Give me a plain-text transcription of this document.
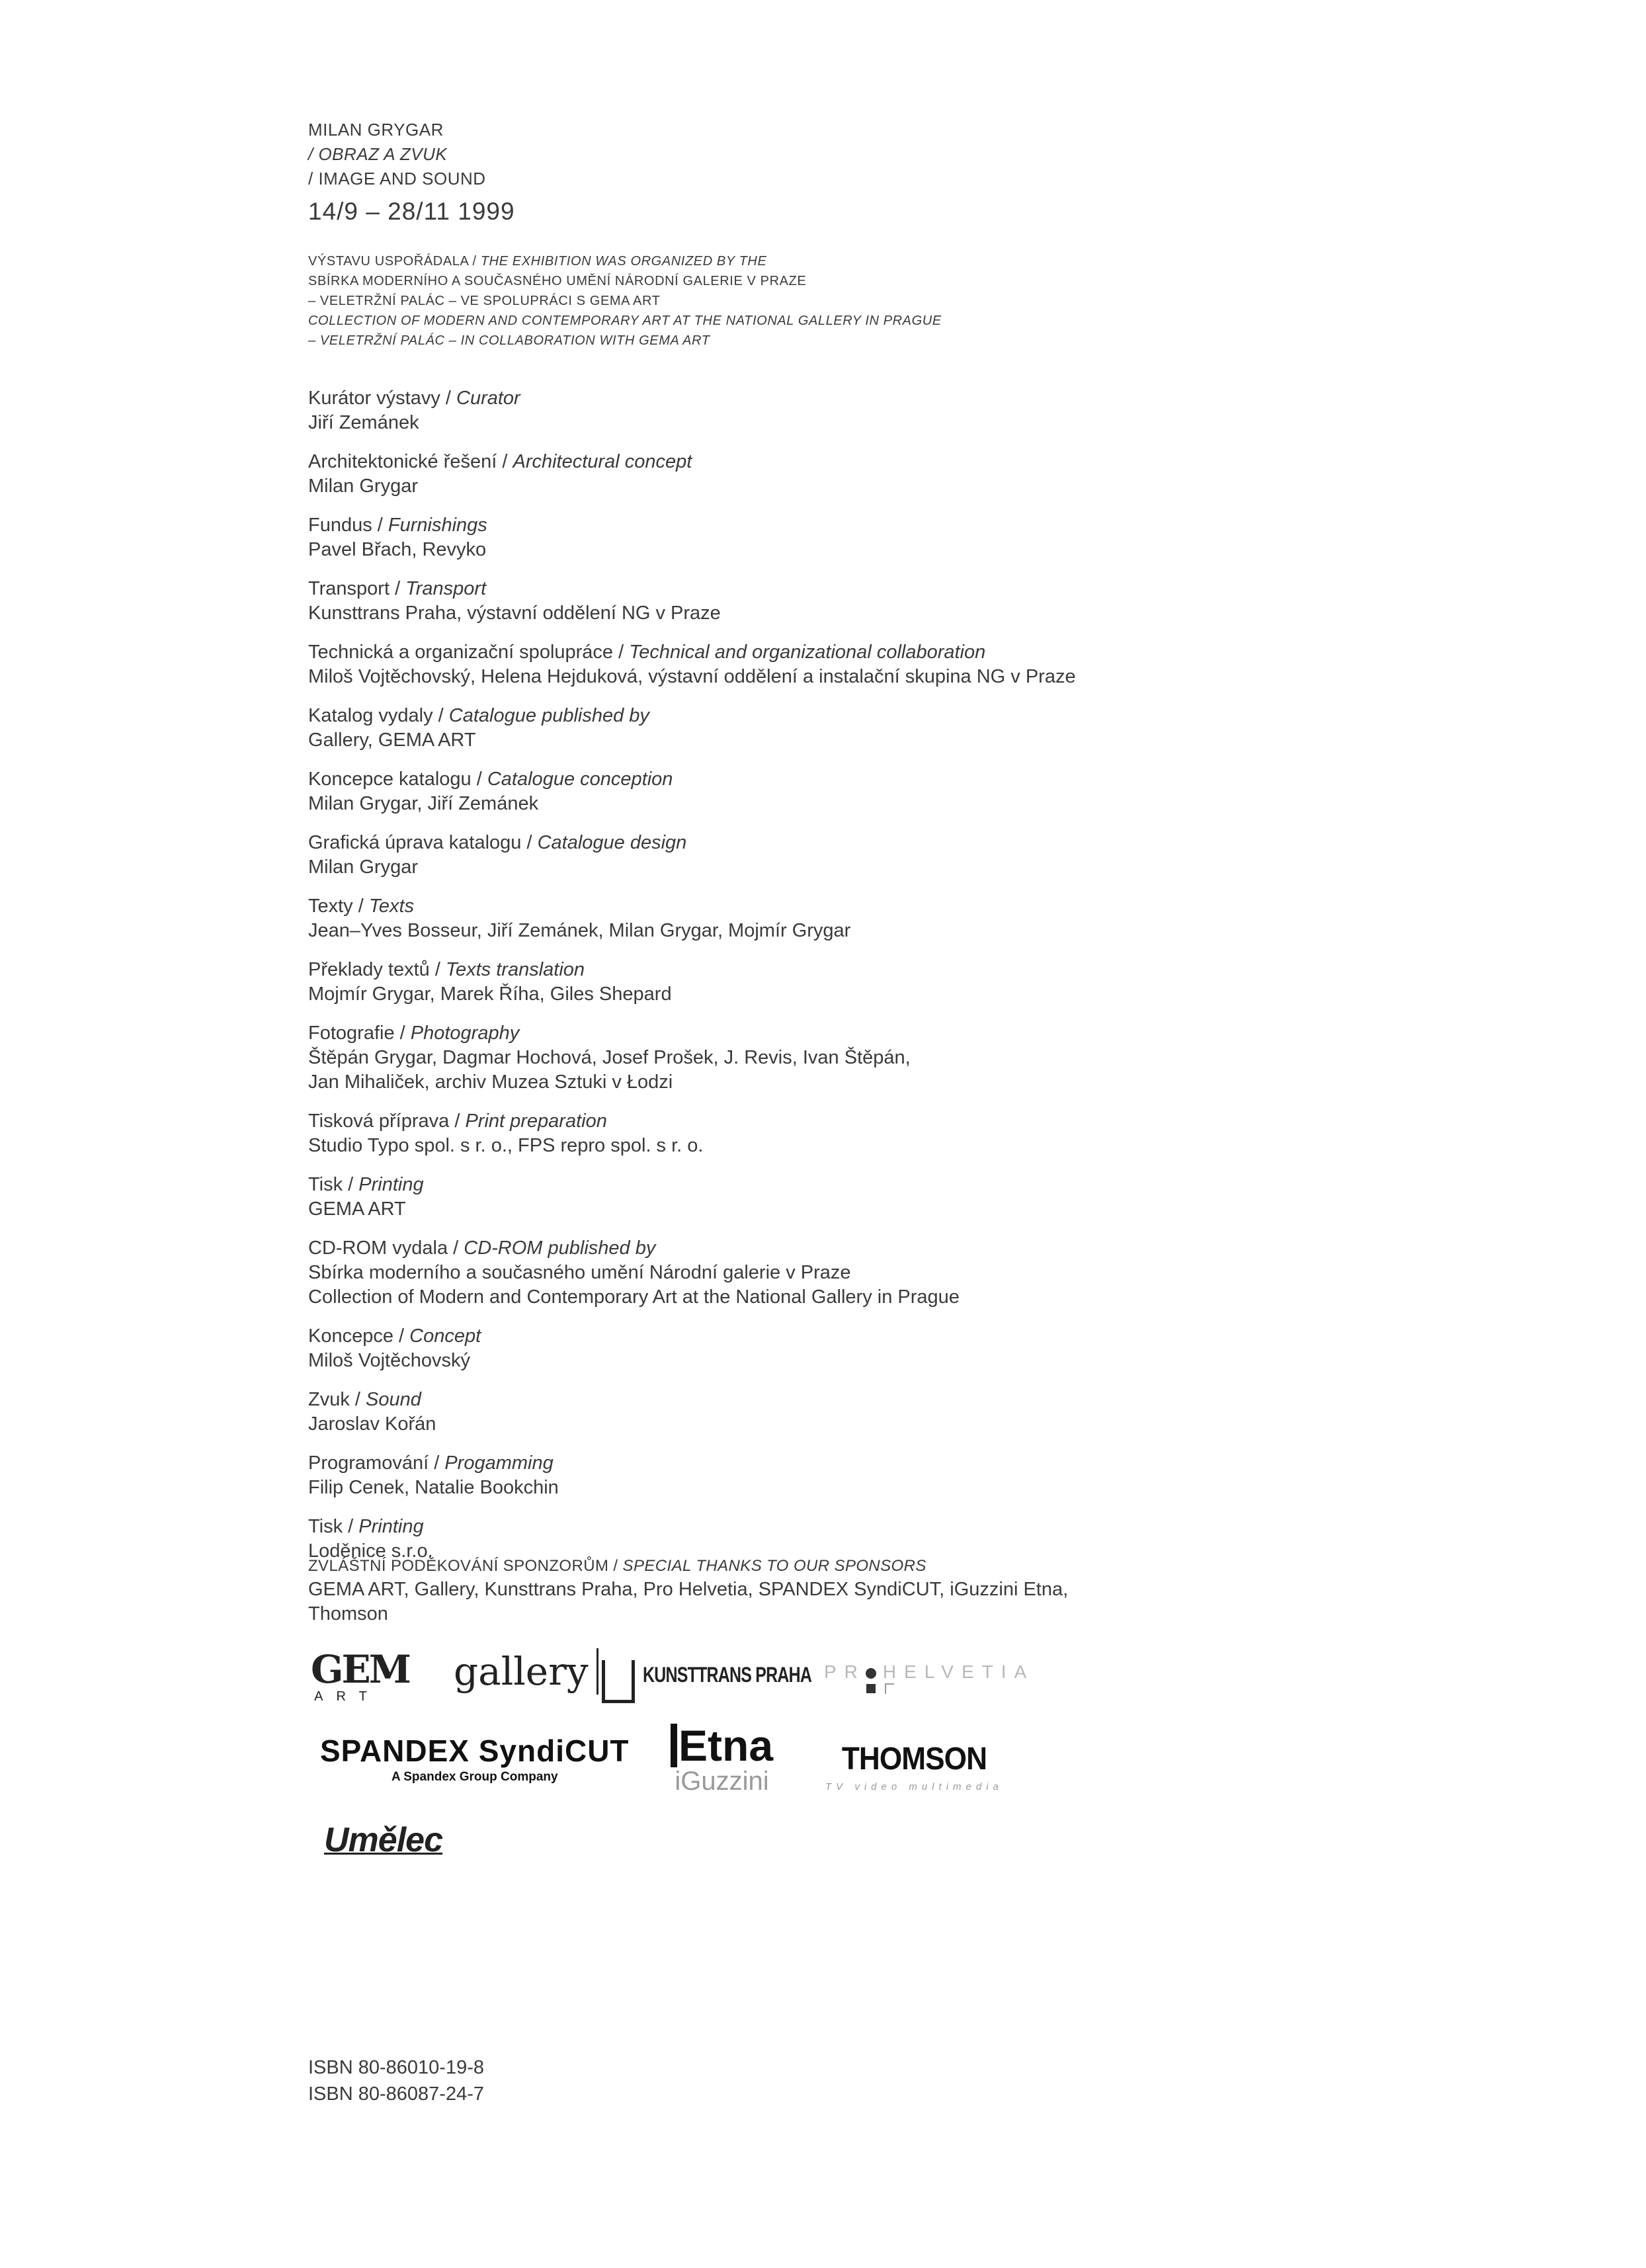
MILAN GRYGAR
/ OBRAZ A ZVUK
/ IMAGE AND SOUND
14/9 – 28/11 1999
VÝSTAVU USPOŘÁDALA / THE EXHIBITION WAS ORGANIZED BY THE
SBÍRKA MODERNÍHO A SOUČASNÉHO UMĚNÍ NÁRODNÍ GALERIE V PRAZE
– VELETRŽNÍ PALÁC – VE SPOLUPRÁCI S GEMA ART
COLLECTION OF MODERN AND CONTEMPORARY ART AT THE NATIONAL GALLERY IN PRAGUE
– VELETRŽNÍ PALÁC – IN COLLABORATION WITH GEMA ART
Kurátor výstavy / Curator
Jiří Zemánek
Architektonické řešení / Architectural concept
Milan Grygar
Fundus / Furnishings
Pavel Břach, Revyko
Transport / Transport
Kunsttrans Praha, výstavní oddělení NG v Praze
Technická a organizační spolupráce / Technical and organizational collaboration
Miloš Vojtěchovský, Helena Hejduková, výstavní oddělení a instalační skupina NG v Praze
Katalog vydaly / Catalogue published by
Gallery, GEMA ART
Koncepce katalogu / Catalogue conception
Milan Grygar, Jiří Zemánek
Grafická úprava katalogu / Catalogue design
Milan Grygar
Texty / Texts
Jean–Yves Bosseur, Jiří Zemánek, Milan Grygar, Mojmír Grygar
Překlady textů / Texts translation
Mojmír Grygar, Marek Říha, Giles Shepard
Fotografie / Photography
Štěpán Grygar, Dagmar Hochová, Josef Prošek, J. Revis, Ivan Štěpán,
Jan Mihaliček, archiv Muzea Sztuki v Łodzi
Tisková příprava / Print preparation
Studio Typo spol. s r. o., FPS repro spol. s r. o.
Tisk / Printing
GEMA ART
CD-ROM vydala / CD-ROM published by
Sbírka moderního a současného umění Národní galerie v Praze
Collection of Modern and Contemporary Art at the National Gallery in Prague
Koncepce / Concept
Miloš Vojtěchovský
Zvuk / Sound
Jaroslav Kořán
Programování / Progamming
Filip Cenek, Natalie Bookchin
Tisk / Printing
Loděnice s.r.o.
ZVLÁŠTNÍ PODĚKOVÁNÍ SPONZORŮM / SPECIAL THANKS TO OUR SPONSORS
GEMA ART, Gallery, Kunsttrans Praha, Pro Helvetia, SPANDEX SyndiCUT, iGuzzini Etna,
Thomson
GEM
ART
gallery	KUNSTTRANS PRAHA PR HELVETIA
SPANDEX SyndiCUT
A Spandex Group Company
Etna
iGuzzini
THOMSON
TV video multimedia
Umělec
ISBN 80-86010-19-8
ISBN 80-86087-24-7
